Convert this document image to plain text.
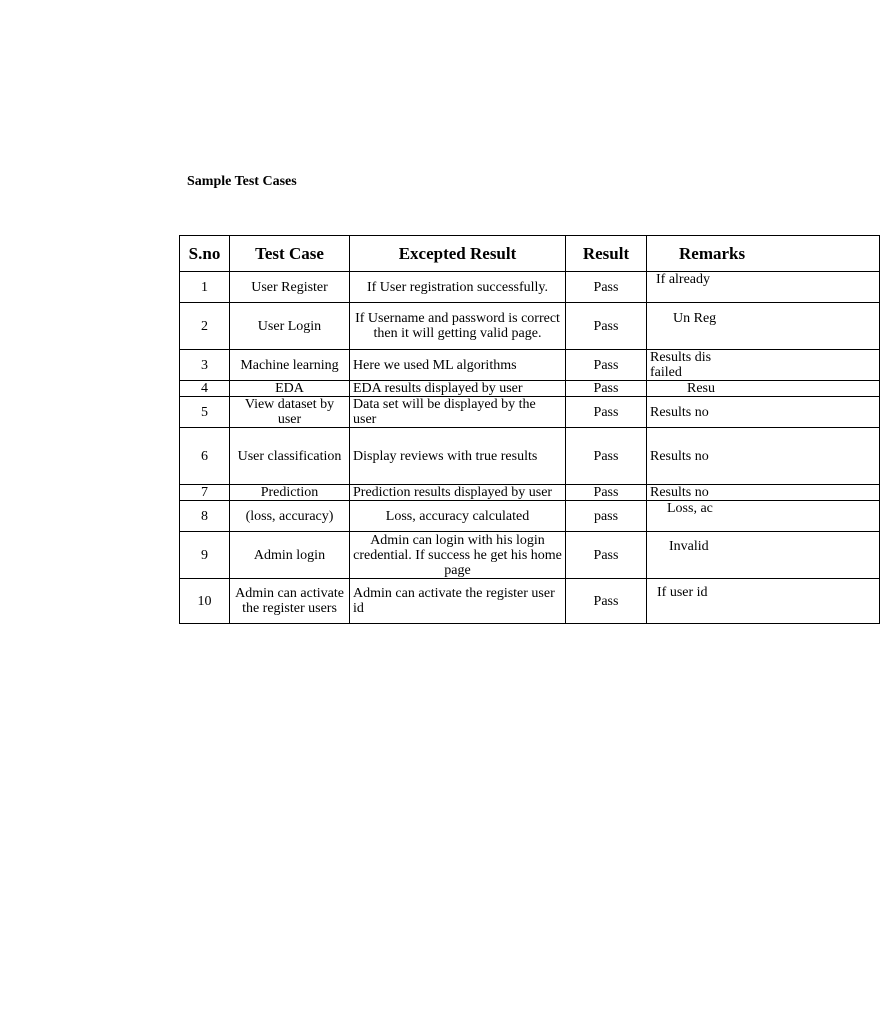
Sample Test Cases
S.no	Test Case	Excepted Result	Result	Remarks
1	User Register	If User registration successfully.	Pass	If already
2	User Login	If Username and password is correct then it will getting valid page.	Pass	Un Reg
3	Machine learning	Here we used ML algorithms	Pass	Results dis failed
4	EDA	EDA results displayed by user	Pass	Resu
5	View dataset by user	Data set will be displayed by the user	Pass	Results no
6	User classification	Display reviews with true results	Pass	Results no
7	Prediction	Prediction results displayed by user	Pass	Results no
8	(loss, accuracy)	Loss, accuracy calculated	pass	Loss, ac
9	Admin login	Admin can login with his login credential. If success he get his home page	Pass	Invalid
10	Admin can activate the register users	Admin can activate the register user id	Pass	If user id
